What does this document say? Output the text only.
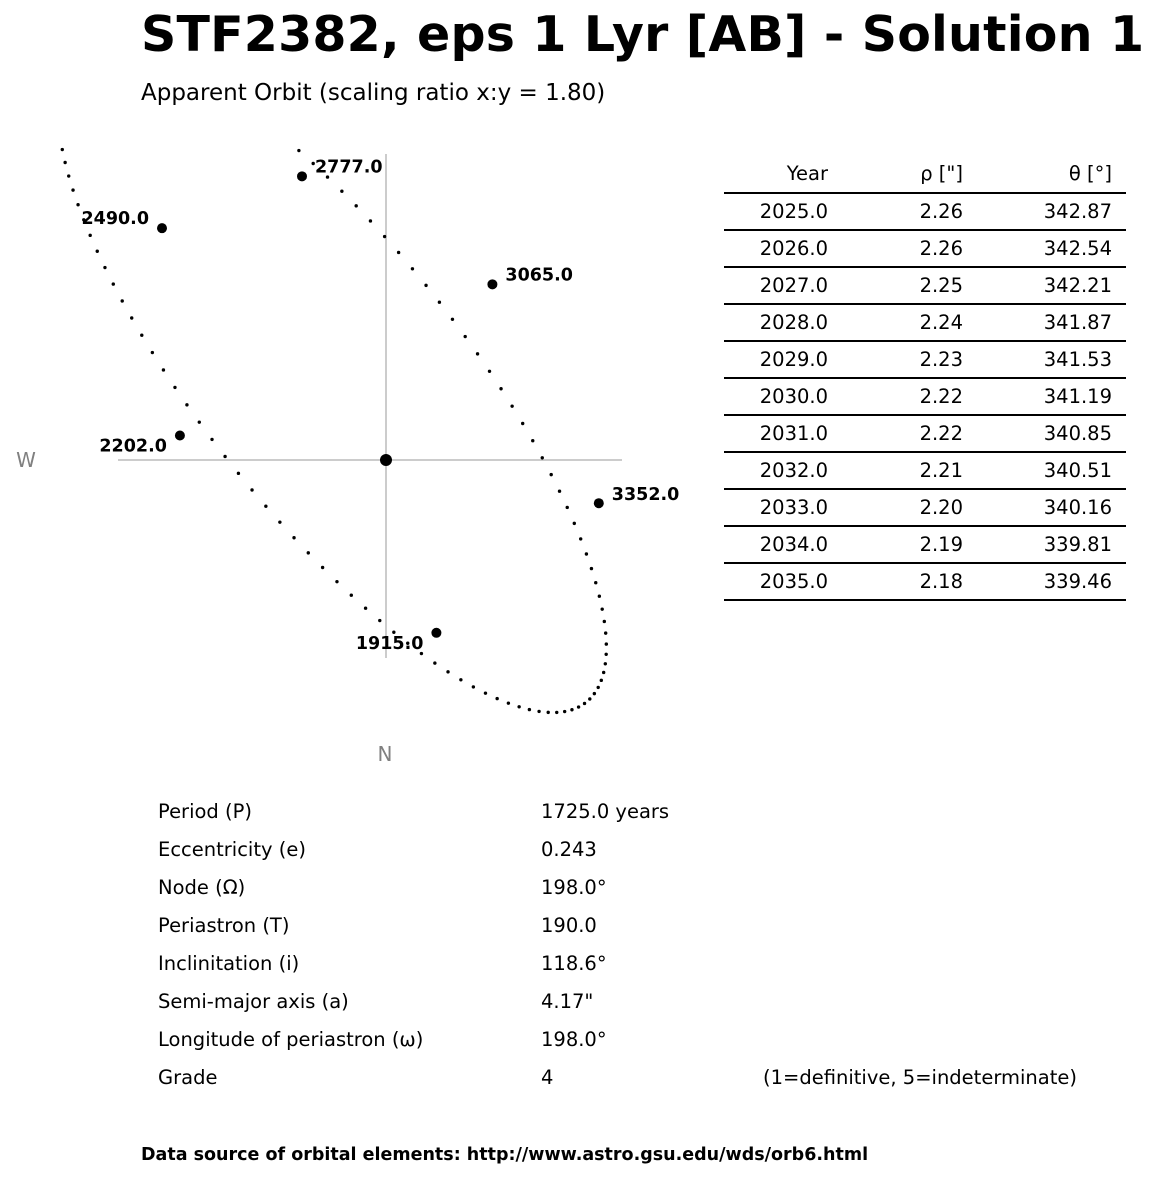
STF2382, eps 1 Lyr [AB] - Solution 1
Apparent Orbit (scaling ratio x:y = 1.80)
2777.0
2490.0
3065.0
2202.0
3352.0
1915.0
W
N
Year	ρ ["]	θ [°]
2025.0	2.26	342.87
2026.0	2.26	342.54
2027.0	2.25	342.21
2028.0	2.24	341.87
2029.0	2.23	341.53
2030.0	2.22	341.19
2031.0	2.22	340.85
2032.0	2.21	340.51
2033.0	2.20	340.16
2034.0	2.19	339.81
2035.0	2.18	339.46
Period (P)	1725.0 years
Eccentricity (e)	0.243
Node (Ω)	198.0°
Periastron (T)	190.0
Inclinitation (i)	118.6°
Semi-major axis (a)	4.17"
Longitude of periastron (ω)	198.0°
Grade	4	(1=definitive, 5=indeterminate)
Data source of orbital elements: http://www.astro.gsu.edu/wds/orb6.html
